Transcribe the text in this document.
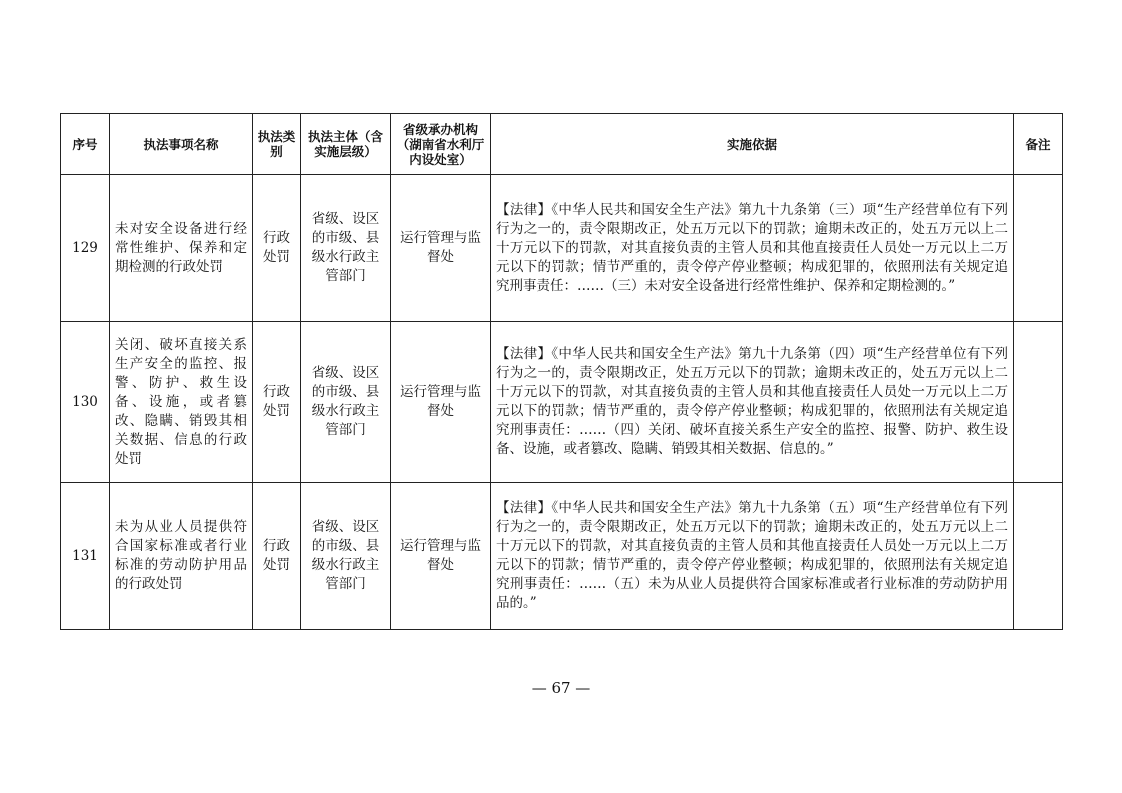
序号	执法事项名称	执法类别	执法主体（含实施层级）	省级承办机构（湖南省水利厅内设处室）	实施依据	备注
129	未对安全设备进行经常性维护、保养和定期检测的行政处罚	行政处罚	省级、设区的市级、县级水行政主管部门	运行管理与监督处	【法律】《中华人民共和国安全生产法》第九十九条第（三）项“生产经营单位有下列行为之一的，责令限期改正，处五万元以下的罚款；逾期未改正的，处五万元以上二十万元以下的罚款，对其直接负责的主管人员和其他直接责任人员处一万元以上二万元以下的罚款；情节严重的，责令停产停业整顿；构成犯罪的，依照刑法有关规定追究刑事责任：……（三）未对安全设备进行经常性维护、保养和定期检测的。”	
130	关闭、破坏直接关系生产安全的监控、报警、防护、救生设备、设施，或者篡改、隐瞒、销毁其相关数据、信息的行政处罚	行政处罚	省级、设区的市级、县级水行政主管部门	运行管理与监督处	【法律】《中华人民共和国安全生产法》第九十九条第（四）项“生产经营单位有下列行为之一的，责令限期改正，处五万元以下的罚款；逾期未改正的，处五万元以上二十万元以下的罚款，对其直接负责的主管人员和其他直接责任人员处一万元以上二万元以下的罚款；情节严重的，责令停产停业整顿；构成犯罪的，依照刑法有关规定追究刑事责任：……（四）关闭、破坏直接关系生产安全的监控、报警、防护、救生设备、设施，或者篡改、隐瞒、销毁其相关数据、信息的。”	
131	未为从业人员提供符合国家标准或者行业标准的劳动防护用品的行政处罚	行政处罚	省级、设区的市级、县级水行政主管部门	运行管理与监督处	【法律】《中华人民共和国安全生产法》第九十九条第（五）项“生产经营单位有下列行为之一的，责令限期改正，处五万元以下的罚款；逾期未改正的，处五万元以上二十万元以下的罚款，对其直接负责的主管人员和其他直接责任人员处一万元以上二万元以下的罚款；情节严重的，责令停产停业整顿；构成犯罪的，依照刑法有关规定追究刑事责任：……（五）未为从业人员提供符合国家标准或者行业标准的劳动防护用品的。”	
— 67 —
